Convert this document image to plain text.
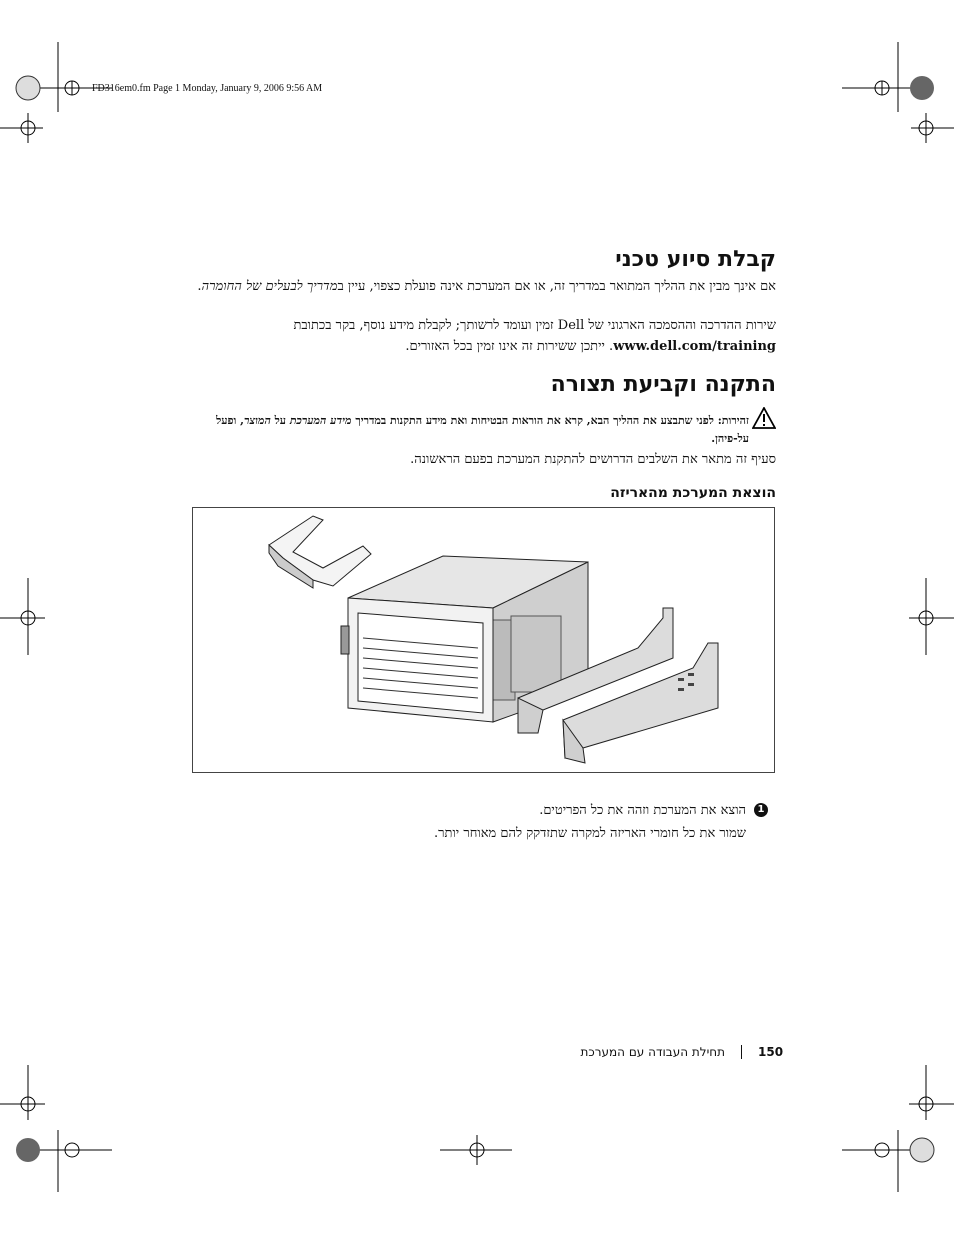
FD316em0.fm Page 1 Monday, January 9, 2006 9:56 AM
קבלת סיוע טכני
אם אינך מבין את ההליך המתואר במדריך זה, או אם המערכת אינה פועלת כצפוי, עיין במדריך לבעלים של החומרה.
שירות ההדרכה וההסמכה הארגוני של Dell זמין ועומד לרשותך; לקבלת מידע נוסף, בקר בכתובת www.dell.com/training. ייתכן ששירות זה אינו זמין בכל האזורים.
התקנה וקביעת תצורה
זהירות: לפני שתבצע את ההליך הבא, קרא את הוראות הבטיחות ואת מידע התקנות במדריך מידע המערכת על המוצר, ופעל על-פיהן.
סעיף זה מתאר את השלבים הדרושים להתקנת המערכת בפעם הראשונה.
הוצאת המערכת מהאריזה
1
הוצא את המערכת וזהה את כל הפריטים.
שמור את כל חומרי האריזה למקרה שתזדקק להם מאוחר יותר.
150
תחילת העבודה עם המערכת
